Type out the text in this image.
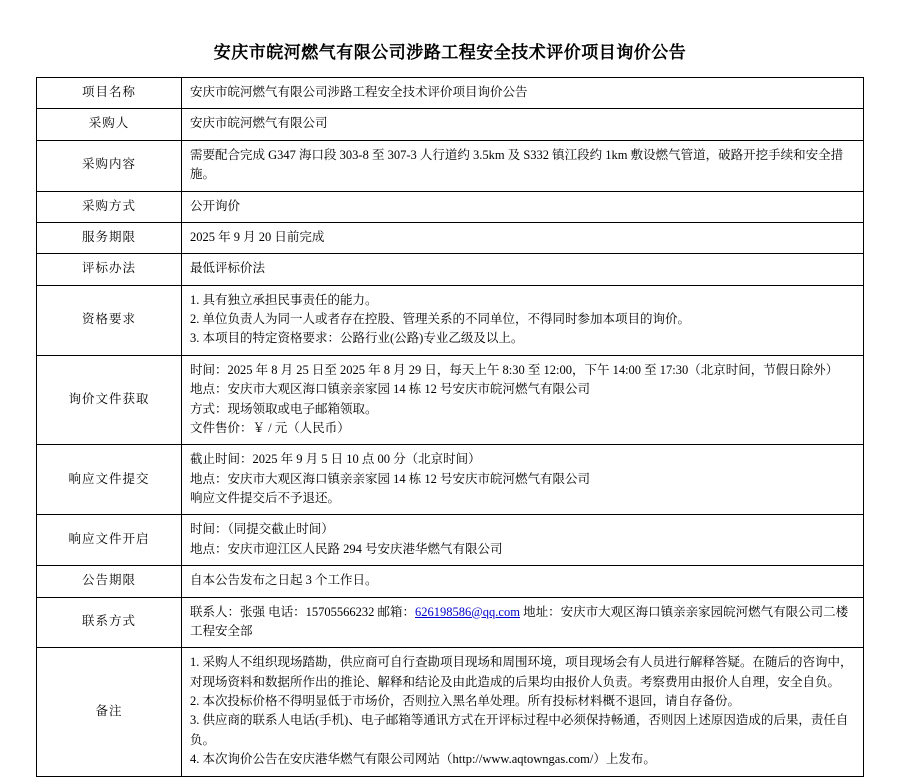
安庆市皖河燃气有限公司涉路工程安全技术评价项目询价公告
项目名称	安庆市皖河燃气有限公司涉路工程安全技术评价项目询价公告

采购人	安庆市皖河燃气有限公司

采购内容	需要配合完成 G347 海口段 303-8 至 307-3 人行道约 3.5km 及 S332 镇江段约 1km 敷设燃气管道，破路开挖手续和安全措施。

采购方式	公开询价

服务期限	2025 年 9 月 20 日前完成

评标办法	最低评标价法

资格要求	1. 具有独立承担民事责任的能力。
2. 单位负责人为同一人或者存在控股、管理关系的不同单位，不得同时参加本项目的询价。
3. 本项目的特定资格要求：公路行业(公路)专业乙级及以上。

询价文件获取	时间：2025 年 8 月 25 日至 2025 年 8 月 29 日，每天上午 8:30 至 12:00，下午 14:00 至 17:30（北京时间，节假日除外）
地点：安庆市大观区海口镇亲亲家园 14 栋 12 号安庆市皖河燃气有限公司
方式：现场领取或电子邮箱领取。
文件售价：￥ / 元（人民币）

响应文件提交	截止时间：2025 年 9 月 5 日 10 点 00 分（北京时间）
地点：安庆市大观区海口镇亲亲家园 14 栋 12 号安庆市皖河燃气有限公司
响应文件提交后不予退还。

响应文件开启	时间：（同提交截止时间）
地点：安庆市迎江区人民路 294 号安庆港华燃气有限公司

公告期限	自本公告发布之日起 3 个工作日。

联系方式	联系人：张强 电话：15705566232 邮箱：626198586@qq.com 地址：安庆市大观区海口镇亲亲家园皖河燃气有限公司二楼工程安全部
备注	1. 采购人不组织现场踏勘，供应商可自行查勘项目现场和周围环境，项目现场会有人员进行解释答疑。在随后的咨询中，对现场资料和数据所作出的推论、解释和结论及由此造成的后果均由报价人负责。考察费用由报价人自理，安全自负。
2. 本次投标价格不得明显低于市场价，否则拉入黑名单处理。所有投标材料概不退回，请自存备份。
3. 供应商的联系人电话(手机)、电子邮箱等通讯方式在开评标过程中必须保持畅通，否则因上述原因造成的后果，责任自负。
4. 本次询价公告在安庆港华燃气有限公司网站（http://www.aqtowngas.com/）上发布。
